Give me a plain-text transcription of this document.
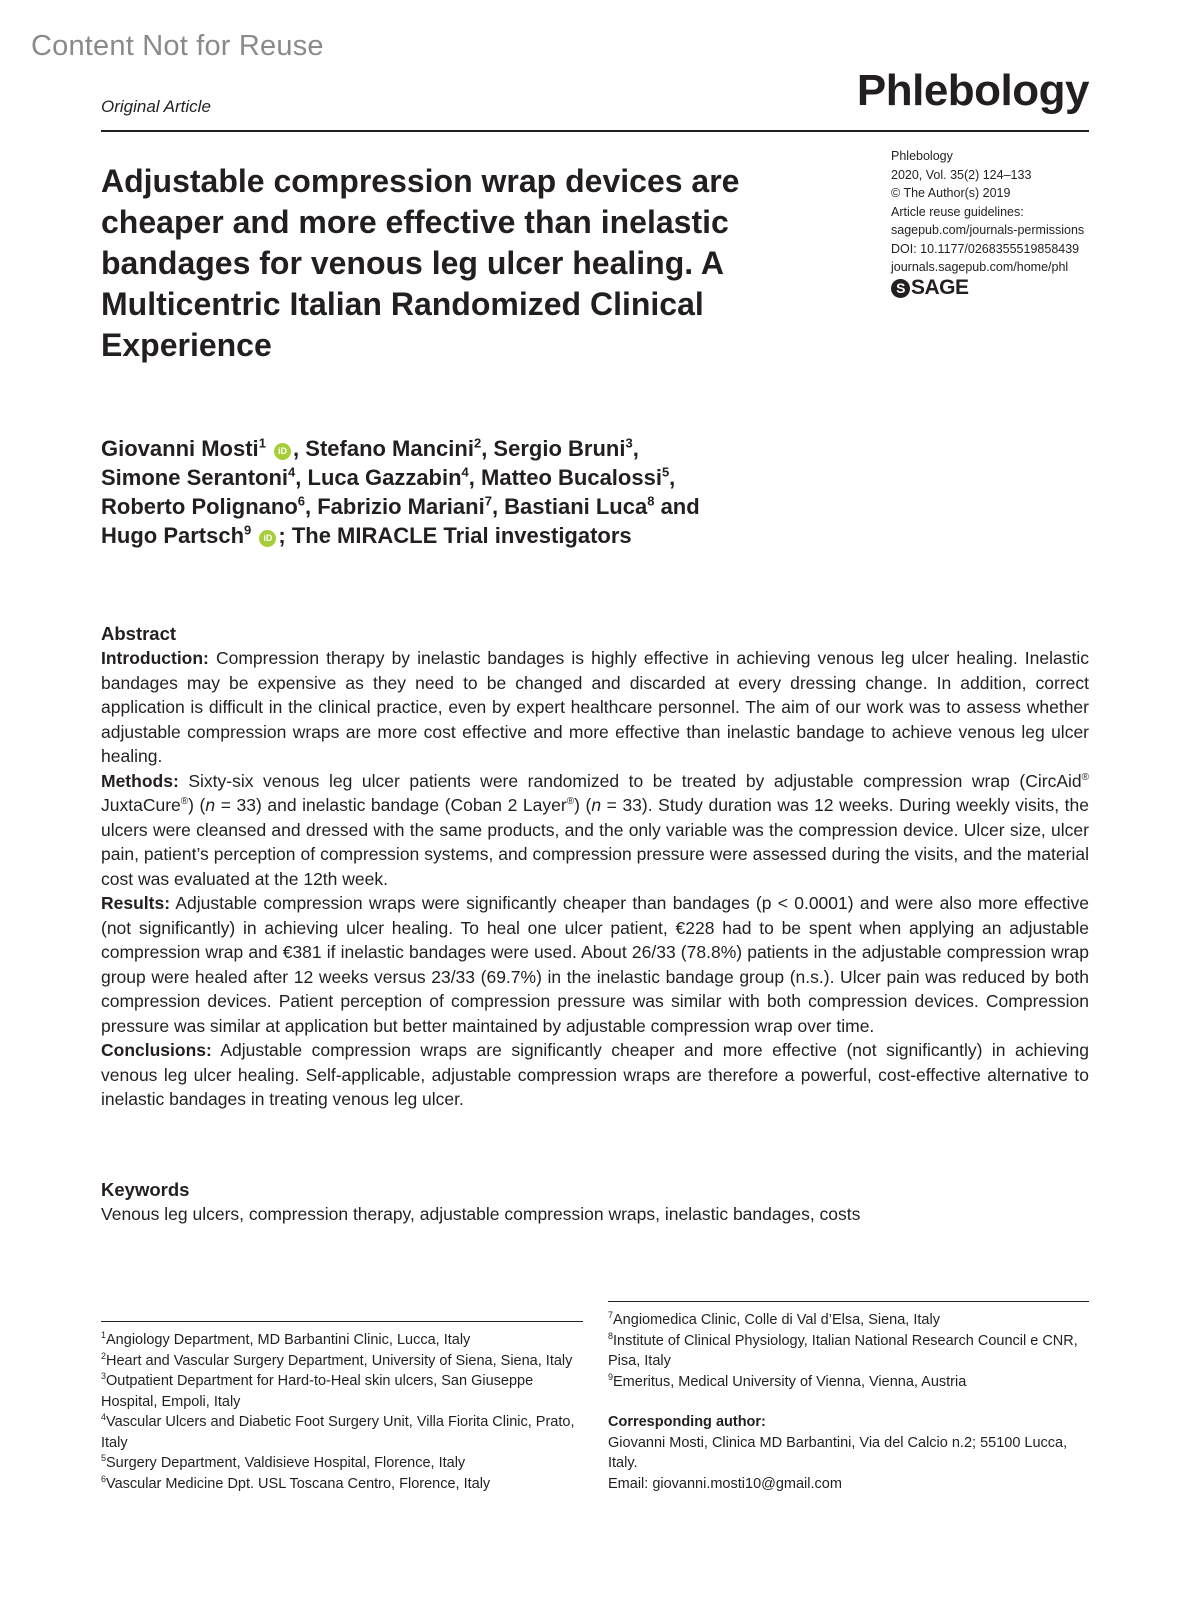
Content Not for Reuse
Original Article	Phlebology
Adjustable compression wrap devices are cheaper and more effective than inelastic bandages for venous leg ulcer healing. A Multicentric Italian Randomized Clinical Experience
Phlebology
2020, Vol. 35(2) 124–133
© The Author(s) 2019
Article reuse guidelines:
sagepub.com/journals-permissions
DOI: 10.1177/0268355519858439
journals.sagepub.com/home/phl
S SAGE
Giovanni Mosti$^1$ iD , Stefano Mancini$^2$, Sergio Bruni$^3$,
Simone Serantoni$^4$, Luca Gazzabin$^4$, Matteo Bucalossi$^5$,
Roberto Polignano$^6$, Fabrizio Mariani$^7$, Bastiani Luca$^8$ and
Hugo Partsch$^9$ iD ; The MIRACLE Trial investigators
Abstract

Introduction: Compression therapy by inelastic bandages is highly effective in achieving venous leg ulcer healing. Inelastic bandages may be expensive as they need to be changed and discarded at every dressing change. In addition, correct application is difficult in the clinical practice, even by expert healthcare personnel. The aim of our work was to assess whether adjustable compression wraps are more cost effective and more effective than inelastic bandage to achieve venous leg ulcer healing.

Methods: Sixty-six venous leg ulcer patients were randomized to be treated by adjustable compression wrap (CircAid® JuxtaCure®) (n = 33) and inelastic bandage (Coban 2 Layer®) (n = 33). Study duration was 12 weeks. During weekly visits, the ulcers were cleansed and dressed with the same products, and the only variable was the compression device. Ulcer size, ulcer pain, patient’s perception of compression systems, and compression pressure were assessed during the visits, and the material cost was evaluated at the 12th week.

Results: Adjustable compression wraps were significantly cheaper than bandages (p < 0.0001) and were also more effective (not significantly) in achieving ulcer healing. To heal one ulcer patient, €228 had to be spent when applying an adjustable compression wrap and €381 if inelastic bandages were used. About 26/33 (78.8%) patients in the adjustable compression wrap group were healed after 12 weeks versus 23/33 (69.7%) in the inelastic bandage group (n.s.). Ulcer pain was reduced by both compression devices. Patient perception of compression pressure was similar with both compression devices. Compression pressure was similar at application but better maintained by adjustable compression wrap over time.

Conclusions: Adjustable compression wraps are significantly cheaper and more effective (not significantly) in achieving venous leg ulcer healing. Self-applicable, adjustable compression wraps are therefore a powerful, cost-effective alternative to inelastic bandages in treating venous leg ulcer.

Keywords

Venous leg ulcers, compression therapy, adjustable compression wraps, inelastic bandages, costs

$^1$Angiology Department, MD Barbantini Clinic, Lucca, Italy

$^2$Heart and Vascular Surgery Department, University of Siena, Siena, Italy

$^3$Outpatient Department for Hard-to-Heal skin ulcers, San Giuseppe Hospital, Empoli, Italy

$^4$Vascular Ulcers and Diabetic Foot Surgery Unit, Villa Fiorita Clinic, Prato, Italy

$^5$Surgery Department, Valdisieve Hospital, Florence, Italy

$^6$Vascular Medicine Dpt. USL Toscana Centro, Florence, Italy

$^7$Angiomedica Clinic, Colle di Val d’Elsa, Siena, Italy

$^8$Institute of Clinical Physiology, Italian National Research Council e CNR, Pisa, Italy

$^9$Emeritus, Medical University of Vienna, Vienna, Austria

Corresponding author:

Giovanni Mosti, Clinica MD Barbantini, Via del Calcio n.2; 55100 Lucca, Italy.

Email: giovanni.mosti10@gmail.com
